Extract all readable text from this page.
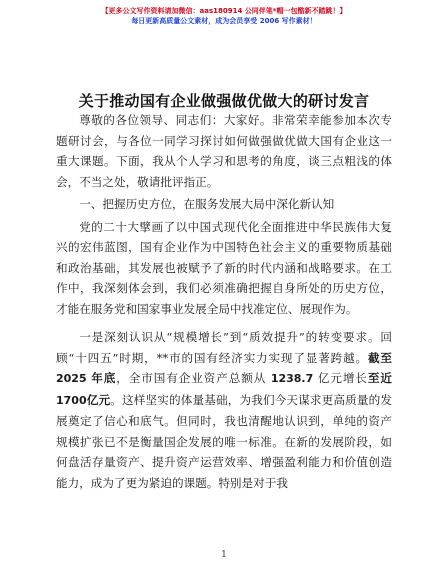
【更多公文写作资料请加微信：aas180914 公同伴笔*帽一包酷新不踏跳！】
每日更新高质量公文素材，成为会员享受 2006 写作素材！
关于推动国有企业做强做优做大的研讨发言

尊敬的各位领导、同志们：大家好。非常荣幸能参加本次专题研讨会，与各位一同学习探讨如何做强做优做大国有企业这一重大课题。下面，我从个人学习和思考的角度，谈三点粗浅的体会，不当之处，敬请批评指正。

一、把握历史方位，在服务发展大局中深化新认知

党的二十大擘画了以中国式现代化全面推进中华民族伟大复兴的宏伟蓝图，国有企业作为中国特色社会主义的重要物质基础和政治基础，其发展也被赋予了新的时代内涵和战略要求。在工作中，我深刻体会到，我们必须准确把握自身所处的历史方位，才能在服务党和国家事业发展全局中找准定位、展现作为。

一是深刻认识从“规模增长”到“质效提升”的转变要求。回顾“十四五”时期，**市的国有经济实力实现了显著跨越。截至 2025 年底，全市国有企业资产总额从 1238.7 亿元增长至近1700亿元。这样坚实的体量基础，为我们今天谋求更高质量的发展奠定了信心和底气。但同时，我也清醒地认识到，单纯的资产规模扩张已不是衡量国企发展的唯一标准。在新的发展阶段，如何盘活存量资产、提升资产运营效率、增强盈利能力和价值创造能力，成为了更为紧迫的课题。特别是对于我

1
